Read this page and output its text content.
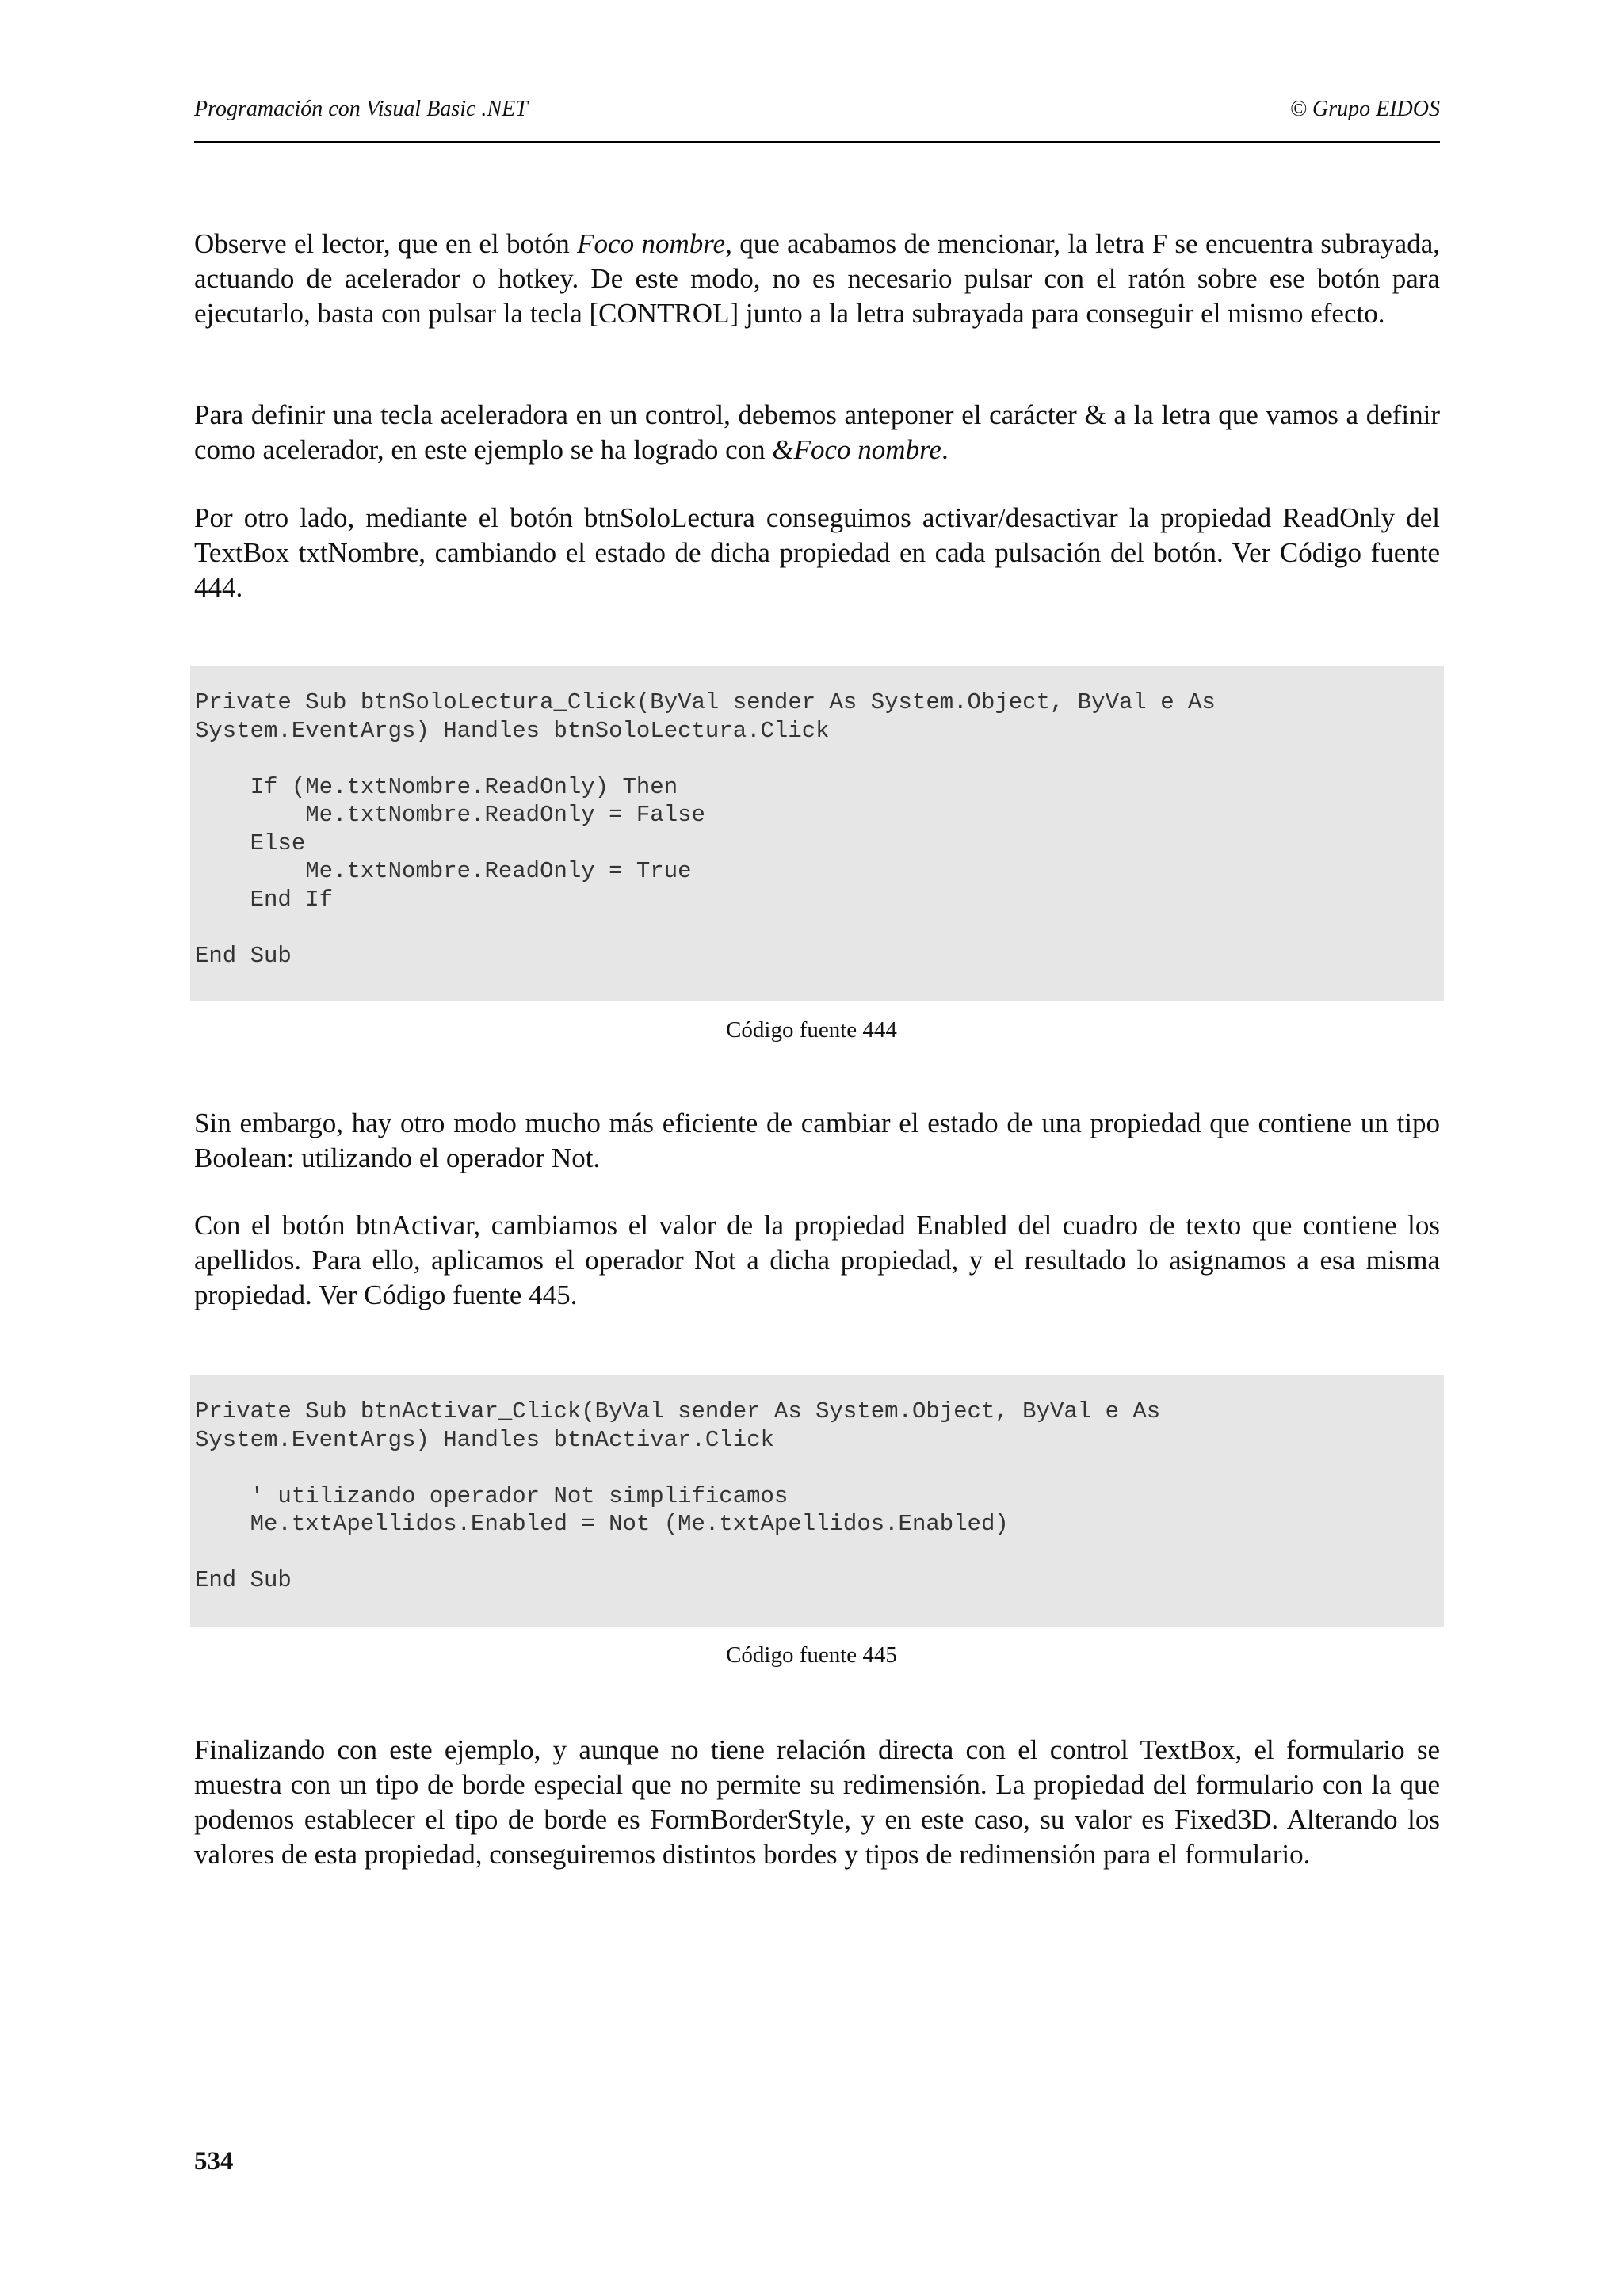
Programación con Visual Basic .NET	© Grupo EIDOS

Observe el lector, que en el botón Foco nombre, que acabamos de mencionar, la letra F se encuentra subrayada, actuando de acelerador o hotkey. De este modo, no es necesario pulsar con el ratón sobre ese botón para ejecutarlo, basta con pulsar la tecla [CONTROL] junto a la letra subrayada para conseguir el mismo efecto.

Para definir una tecla aceleradora en un control, debemos anteponer el carácter & a la letra que vamos a definir como acelerador, en este ejemplo se ha logrado con &Foco nombre.

Por otro lado, mediante el botón btnSoloLectura conseguimos activar/desactivar la propiedad ReadOnly del TextBox txtNombre, cambiando el estado de dicha propiedad en cada pulsación del botón. Ver Código fuente 444.

Private Sub btnSoloLectura_Click(ByVal sender As System.Object, ByVal e As
System.EventArgs) Handles btnSoloLectura.Click
If (Me.txtNombre.ReadOnly) Then
Me.txtNombre.ReadOnly = False
Else
Me.txtNombre.ReadOnly = True
End If
End Sub
Código fuente 444

Sin embargo, hay otro modo mucho más eficiente de cambiar el estado de una propiedad que contiene un tipo Boolean: utilizando el operador Not.

Con el botón btnActivar, cambiamos el valor de la propiedad Enabled del cuadro de texto que contiene los apellidos. Para ello, aplicamos el operador Not a dicha propiedad, y el resultado lo asignamos a esa misma propiedad. Ver Código fuente 445.

Private Sub btnActivar_Click(ByVal sender As System.Object, ByVal e As
System.EventArgs) Handles btnActivar.Click
' utilizando operador Not simplificamos
Me.txtApellidos.Enabled = Not (Me.txtApellidos.Enabled)
End Sub
Código fuente 445

Finalizando con este ejemplo, y aunque no tiene relación directa con el control TextBox, el formulario se muestra con un tipo de borde especial que no permite su redimensión. La propiedad del formulario con la que podemos establecer el tipo de borde es FormBorderStyle, y en este caso, su valor es Fixed3D. Alterando los valores de esta propiedad, conseguiremos distintos bordes y tipos de redimensión para el formulario.

534
